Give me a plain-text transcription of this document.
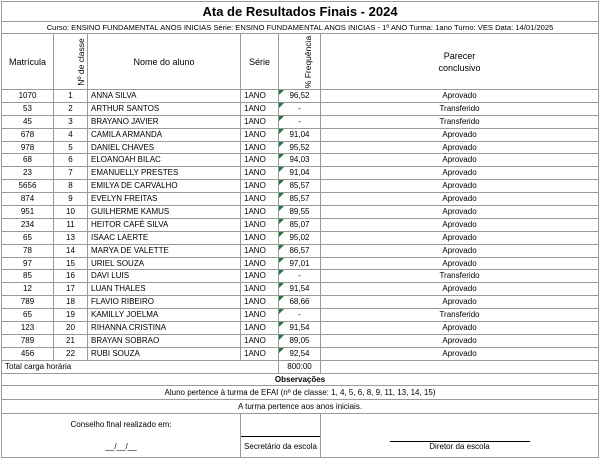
Ata de Resultados Finais - 2024					
Curso: ENSINO FUNDAMENTAL ANOS INICIAS Série: ENSINO FUNDAMENTAL ANOS INICIAS - 1º ANO Turma: 1ano Turno: VES Data: 14/01/2025					
Matrícula	Nº de classe	Nome do aluno	Série	% Frequência	Parecer
conclusivo

1070	1	ANNA SILVA	1ANO	96,52	Aprovado
53	2	ARTHUR SANTOS	1ANO	-	Transferido
45	3	BRAYANO JAVIER	1ANO	-	Transferido
678	4	CAMILA ARMANDA	1ANO	91,04	Aprovado
978	5	DANIEL CHAVES	1ANO	95,52	Aprovado
68	6	ELOANOAH BILAC	1ANO	94,03	Aprovado
23	7	EMANUELLY PRESTES	1ANO	91,04	Aprovado
5656	8	EMILYA DE CARVALHO	1ANO	85,57	Aprovado
874	9	EVELYN FREITAS	1ANO	85,57	Aprovado
951	10	GUILHERME KAMUS	1ANO	89,55	Aprovado
234	11	HEITOR CAFÉ SILVA	1ANO	85,07	Aprovado
65	13	ISAAC LAERTE	1ANO	95,02	Aprovado
78	14	MARYA DE VALETTE	1ANO	86,57	Aprovado
97	15	URIEL SOUZA	1ANO	97,01	Aprovado
85	16	DAVI LUIS	1ANO	-	Transferido
12	17	LUAN THALES	1ANO	91,54	Aprovado
789	18	FLAVIO RIBEIRO	1ANO	68,66	Aprovado
65	19	KAMILLY JOELMA	1ANO	-	Transferido
123	20	RIHANNA CRISTINA	1ANO	91,54	Aprovado
789	21	BRAYAN SOBRAO	1ANO	89,05	Aprovado
456	22	RUBI SOUZA	1ANO	92,54	Aprovado
Total carga horária				800:00	
Observações					
Aluno pertence à turma de EFAI (nº de classe: 1, 4, 5, 6, 8, 9, 11, 13, 14, 15)					
A turma pertence aos anos iniciais.					
Conselho final realizado em:					
__/__/__			Secretário da escola		Diretor da escola
